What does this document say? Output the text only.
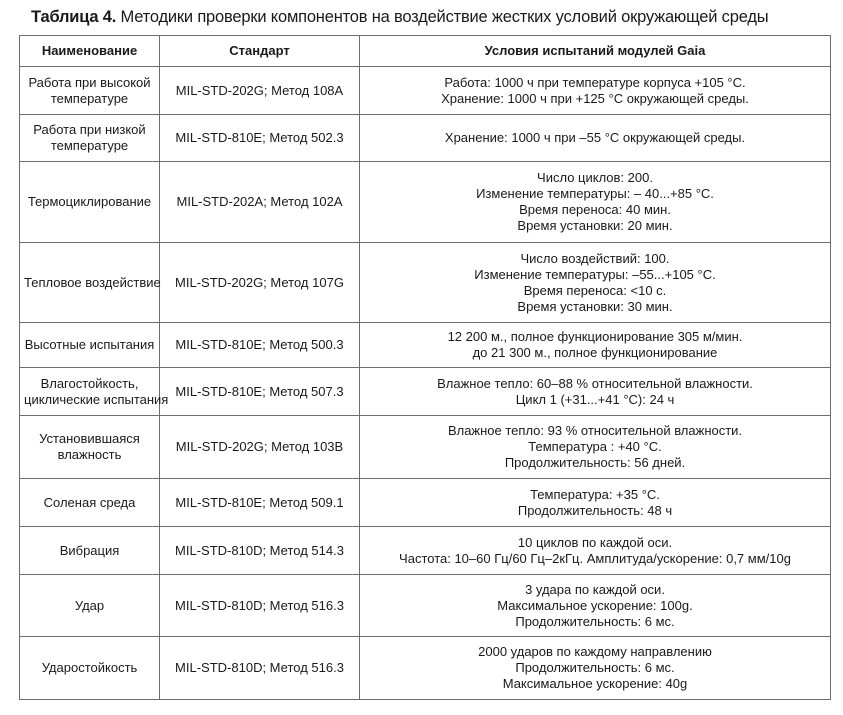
Таблица 4. Методики проверки компонентов на воздействие жестких условий окружающей среды
Наименование	Стандарт	Условия испытаний модулей Gaia

Работа при высокой
температуре	MIL-STD-202G; Метод 108A	Работа: 1000 ч при температуре корпуса +105 °C.
Хранение: 1000 ч при +125 °C окружающей среды.

Работа при низкой
температуре	MIL-STD-810E; Метод 502.3	Хранение: 1000 ч при –55 °C окружающей среды.

Термоциклирование	MIL-STD-202A; Метод 102A	Число циклов: 200.
Изменение температуры: – 40...+85 °C.
Время переноса: 40 мин.
Время установки: 20 мин.

Тепловое воздействие	MIL-STD-202G; Метод 107G	Число воздействий: 100.
Изменение температуры: –55...+105 °C.
Время переноса: <10 с.
Время установки: 30 мин.

Высотные испытания	MIL-STD-810E; Метод 500.3	12 200 м., полное функционирование 305 м/мин.
до 21 300 м., полное функционирование

Влагостойкость,
циклические испытания	MIL-STD-810E; Метод 507.3	Влажное тепло: 60–88 % относительной влажности.
Цикл 1 (+31...+41 °C): 24 ч

Установившаяся
влажность	MIL-STD-202G; Метод 103B	Влажное тепло: 93 % относительной влажности.
Температура : +40 °C.
Продолжительность: 56 дней.

Соленая среда	MIL-STD-810E; Метод 509.1	Температура: +35 °C.
Продолжительность: 48 ч

Вибрация	MIL-STD-810D; Метод 514.3	10 циклов по каждой оси.
Частота: 10–60 Гц/60 Гц–2кГц. Амплитуда/ускорение: 0,7 мм/10g

Удар	MIL-STD-810D; Метод 516.3	3 удара по каждой оси.
Максимальное ускорение: 100g.
Продолжительность: 6 мс.

Ударостойкость	MIL-STD-810D; Метод 516.3	2000 ударов по каждому направлению
Продолжительность: 6 мс.
Максимальное ускорение: 40g
